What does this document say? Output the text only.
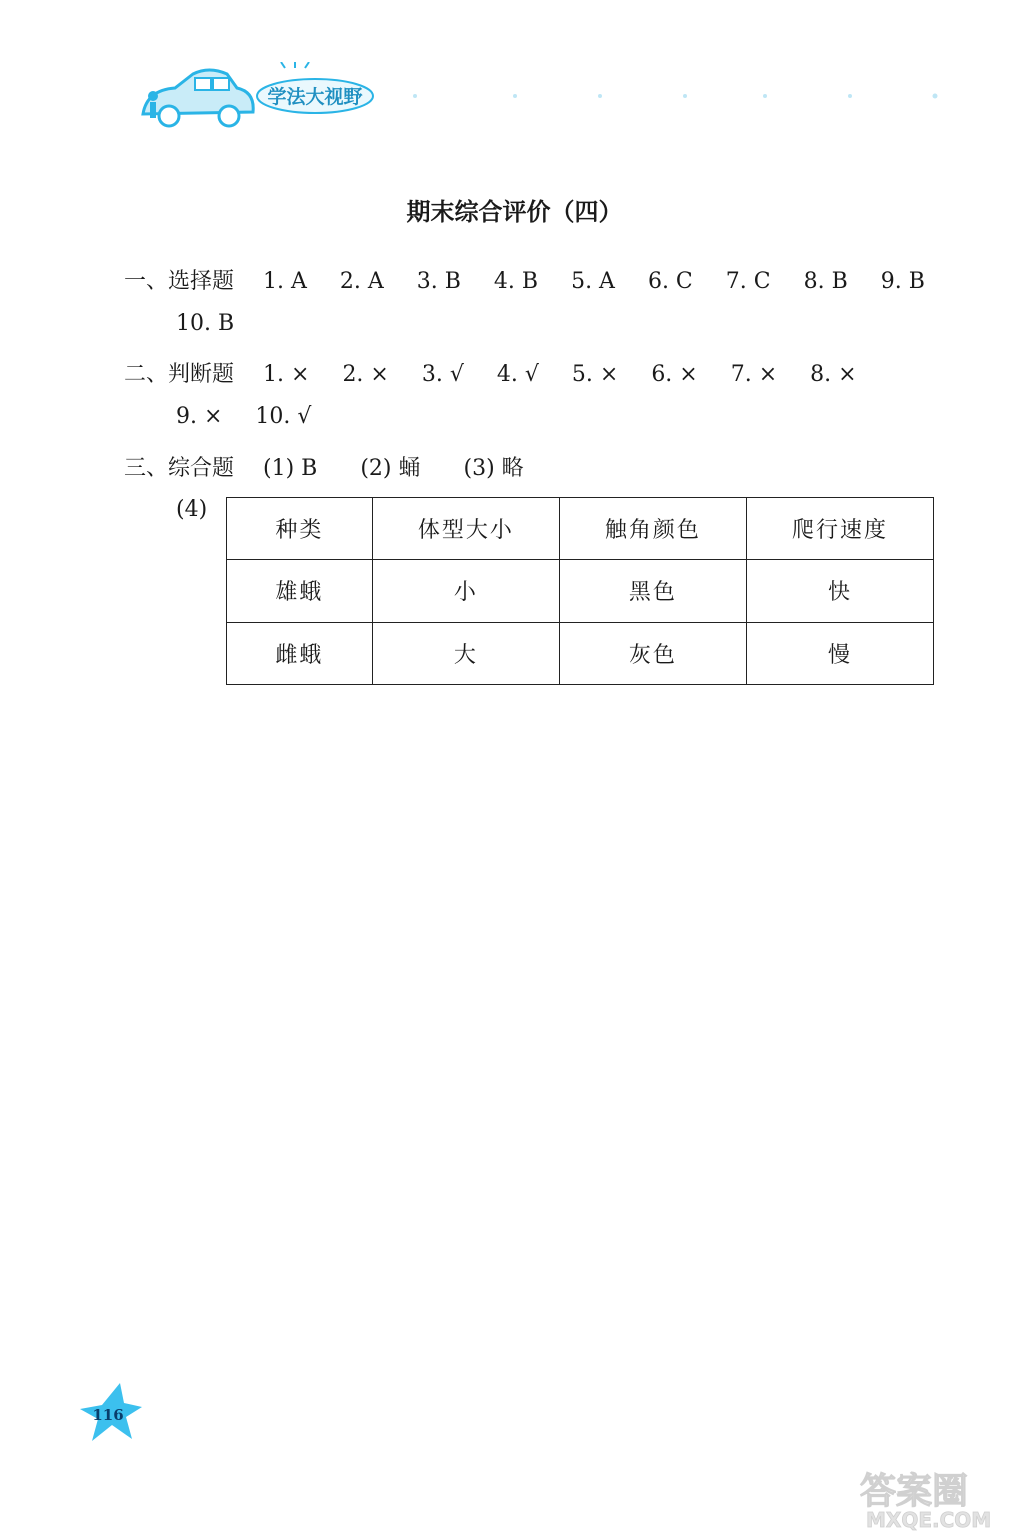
学法大视野
期末综合评价（四）
一、选择题 1. A 2. A 3. B 4. B 5. A 6. C 7. C 8. B 9. B
10. B
二、判断题 1. × 2. × 3. √ 4. √ 5. × 6. × 7. × 8. ×
9. × 10. √
三、综合题 (1) B (2) 蛹 (3) 略
(4)
种类	体型大小	触角颜色	爬行速度
雄蛾	小	黑色	快
雌蛾	大	灰色	慢
116
答案圈
MXQE.COM
